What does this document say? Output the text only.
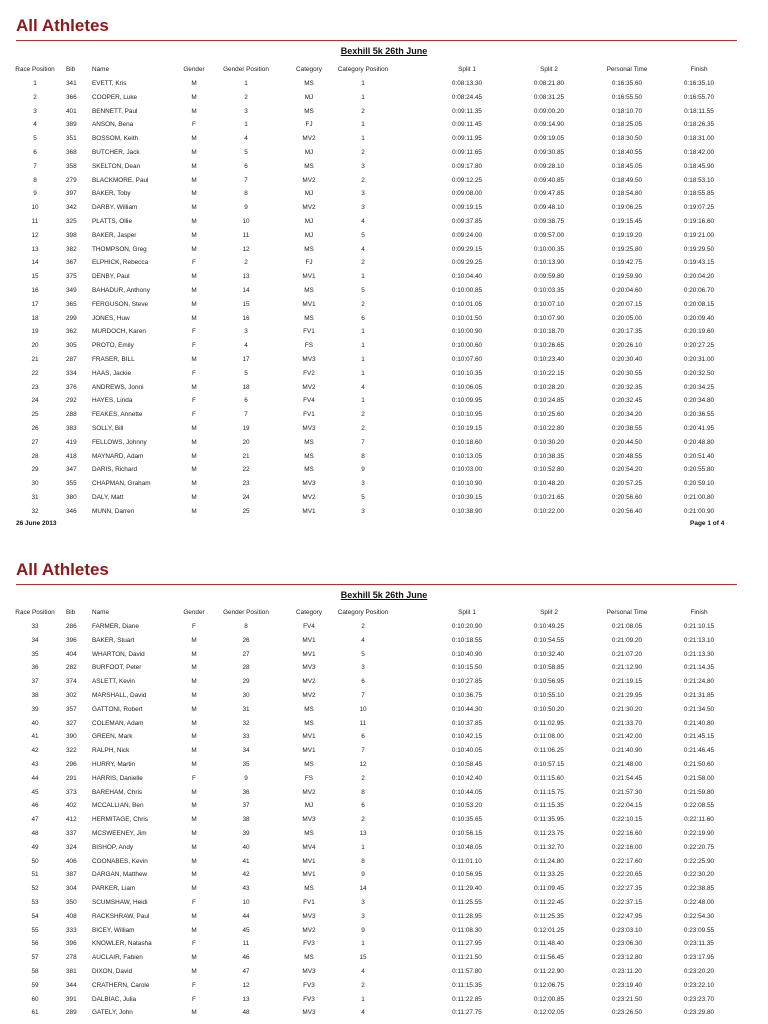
All Athletes
Bexhill 5k 26th June
Race Position	Bib	Name	Gender	Gender Position	Category	Category Position	Split 1	Split 2	Personal Time	Finish
1	341	EVETT, Kris	M	1	MS	1	0:08:13.30	0:08:21.80	0:16:35.60	0:16:35.10
2	366	COOPER, Luke	M	2	MJ	1	0:08:24.45	0:08:31.25	0:16:55.50	0:16:55.70
3	401	BENNETT, Paul	M	3	MS	2	0:09:11.35	0:09:00.20	0:18:10.70	0:18:11.55
4	389	ANSON, Bena	F	1	FJ	1	0:09:11.45	0:09:14.90	0:18:25.05	0:18:26.35
5	351	BOSSOM, Keith	M	4	MV2	1	0:09:11.95	0:09:19.05	0:18:30.50	0:18:31.00
6	368	BUTCHER, Jack	M	5	MJ	2	0:09:11.65	0:09:30.85	0:18:40.55	0:18:42.00
7	358	SKELTON, Dean	M	6	MS	3	0:09:17.80	0:09:28.10	0:18:45.05	0:18:45.90
8	279	BLACKMORE, Paul	M	7	MV2	2	0:09:12.25	0:09:40.85	0:18:49.50	0:18:53.10
9	397	BAKER, Toby	M	8	MJ	3	0:09:08.00	0:09:47.85	0:18:54.80	0:18:55.85
10	342	DARBY, William	M	9	MV2	3	0:09:19.15	0:09:48.10	0:19:06.25	0:19:07.25
11	325	PLATTS, Ollie	M	10	MJ	4	0:09:37.85	0:09:38.75	0:19:15.45	0:19:16.60
12	398	BAKER, Jasper	M	11	MJ	5	0:09:24.00	0:09:57.00	0:19:19.20	0:19:21.00
13	382	THOMPSON, Greg	M	12	MS	4	0:09:29.15	0:10:00.35	0:19:25.80	0:19:29.50
14	367	ELPHICK, Rebecca	F	2	FJ	2	0:09:29.25	0:10:13.90	0:19:42.75	0:19:43.15
15	375	DENBY, Paul	M	13	MV1	1	0:10:04.40	0:09:59.80	0:19:59.90	0:20:04.20
16	349	BAHADUR, Anthony	M	14	MS	5	0:10:00.85	0:10:03.35	0:20:04.60	0:20:06.70
17	365	FERGUSON, Steve	M	15	MV1	2	0:10:01.05	0:10:07.10	0:20:07.15	0:20:08.15
18	299	JONES, Huw	M	16	MS	6	0:10:01.50	0:10:07.90	0:20:05.00	0:20:09.40
19	362	MURDOCH, Karen	F	3	FV1	1	0:10:00.90	0:10:18.70	0:20:17.35	0:20:19.60
20	305	PROTO, Emily	F	4	FS	1	0:10:00.60	0:10:26.65	0:20:26.10	0:20:27.25
21	287	FRASER, BILL	M	17	MV3	1	0:10:07.60	0:10:23.40	0:20:30.40	0:20:31.00
22	334	HAAS, Jackie	F	5	FV2	1	0:10:10.35	0:10:22.15	0:20:30.55	0:20:32.50
23	376	ANDREWS, Jonni	M	18	MV2	4	0:10:06.05	0:10:28.20	0:20:32.35	0:20:34.25
24	292	HAYES, Linda	F	6	FV4	1	0:10:09.95	0:10:24.85	0:20:32.45	0:20:34.80
25	288	FEAKES, Annette	F	7	FV1	2	0:10:10.95	0:10:25.60	0:20:34.20	0:20:36.55
26	383	SOLLY, Bill	M	19	MV3	2	0:10:19.15	0:10:22.80	0:20:38.55	0:20:41.95
27	419	FELLOWS, Johnny	M	20	MS	7	0:10:18.60	0:10:30.20	0:20:44.50	0:20:48.80
28	418	MAYNARD, Adam	M	21	MS	8	0:10:13.05	0:10:38.35	0:20:48.55	0:20:51.40
29	347	DARIS, Richard	M	22	MS	9	0:10:03.00	0:10:52.80	0:20:54.20	0:20:55.80
30	355	CHAPMAN, Graham	M	23	MV3	3	0:10:10.90	0:10:48.20	0:20:57.25	0:20:59.10
31	380	DALY, Matt	M	24	MV2	5	0:10:39.15	0:10:21.65	0:20:56.60	0:21:00.80
32	346	MUNN, Darren	M	25	MV1	3	0:10:38.90	0:10:22.00	0:20:56.40	0:21:00.90
26 June 2013	Page 1 of 4
All Athletes
Bexhill 5k 26th June
Race Position	Bib	Name	Gender	Gender Position	Category	Category Position	Split 1	Split 2	Personal Time	Finish
33	286	FARMER, Diane	F	8	FV4	2	0:10:20.90	0:10:49.25	0:21:08.05	0:21:10.15
34	396	BAKER, Stuart	M	26	MV1	4	0:10:18.55	0:10:54.55	0:21:09.20	0:21:13.10
35	404	WHARTON, David	M	27	MV1	5	0:10:40.90	0:10:32.40	0:21:07.20	0:21:13.30
36	282	BURFOOT, Peter	M	28	MV3	3	0:10:15.50	0:10:58.85	0:21:12.90	0:21:14.35
37	374	ASLETT, Kevin	M	29	MV2	6	0:10:27.85	0:10:56.95	0:21:19.15	0:21:24.80
38	302	MARSHALL, David	M	30	MV2	7	0:10:36.75	0:10:55.10	0:21:29.95	0:21:31.85
39	357	GATTONI, Robert	M	31	MS	10	0:10:44.30	0:10:50.20	0:21:30.20	0:21:34.50
40	327	COLEMAN, Adam	M	32	MS	11	0:10:37.85	0:11:02.95	0:21:33.70	0:21:40.80
41	390	GREEN, Mark	M	33	MV1	6	0:10:42.15	0:11:08.00	0:21:42.00	0:21:45.15
42	322	RALPH, Nick	M	34	MV1	7	0:10:40.05	0:11:06.25	0:21:40.90	0:21:46.45
43	296	HURRY, Martin	M	35	MS	12	0:10:58.45	0:10:57.15	0:21:48.00	0:21:50.60
44	291	HARRIS, Danielle	F	9	FS	2	0:10:42.40	0:11:15.60	0:21:54.45	0:21:58.00
45	373	BAREHAM, Chris	M	36	MV2	8	0:10:44.05	0:11:15.75	0:21:57.30	0:21:59.80
46	402	MCCALLIAN, Ben	M	37	MJ	6	0:10:53.20	0:11:15.35	0:22:04.15	0:22:08.55
47	412	HERMITAGE, Chris	M	38	MV3	2	0:10:35.65	0:11:35.95	0:22:10.15	0:22:11.60
48	337	MCSWEENEY, Jim	M	39	MS	13	0:10:56.15	0:11:23.75	0:22:16.60	0:22:19.90
49	324	BISHOP, Andy	M	40	MV4	1	0:10:48.05	0:11:32.70	0:22:16.00	0:22:20.75
50	406	COONABES, Kevin	M	41	MV1	8	0:11:01.10	0:11:24.80	0:22:17.60	0:22:25.90
51	387	DARGAN, Matthew	M	42	MV1	9	0:10:56.95	0:11:33.25	0:22:20.65	0:22:30.20
52	304	PARKER, Liam	M	43	MS	14	0:11:29.40	0:11:09.45	0:22:27.35	0:22:38.85
53	350	SCUMSHAW, Heidi	F	10	FV1	3	0:11:25.55	0:11:22.45	0:22:37.15	0:22:48.00
54	408	RACKSHRAW, Paul	M	44	MV3	3	0:11:28.95	0:11:25.35	0:22:47.95	0:22:54.30
55	333	BICEY, William	M	45	MV2	9	0:11:08.30	0:12:01.25	0:23:03.10	0:23:09.55
56	396	KNOWLER, Natasha	F	11	FV3	1	0:11:27.95	0:11:48.40	0:23:06.30	0:23:11.35
57	278	AUCLAIR, Fabien	M	46	MS	15	0:11:21.50	0:11:56.45	0:23:12.80	0:23:17.95
58	381	DIXON, David	M	47	MV3	4	0:11:57.80	0:11:22.90	0:23:11.20	0:23:20.20
59	344	CRATHERN, Carole	F	12	FV3	2	0:11:15.35	0:12:06.75	0:23:19.40	0:23:22.10
60	391	DALBIAC, Julia	F	13	FV3	1	0:11:22.85	0:12:00.85	0:23:21.50	0:23:23.70
61	289	GATELY, John	M	48	MV3	4	0:11:27.75	0:12:02.05	0:23:26.50	0:23:29.80
